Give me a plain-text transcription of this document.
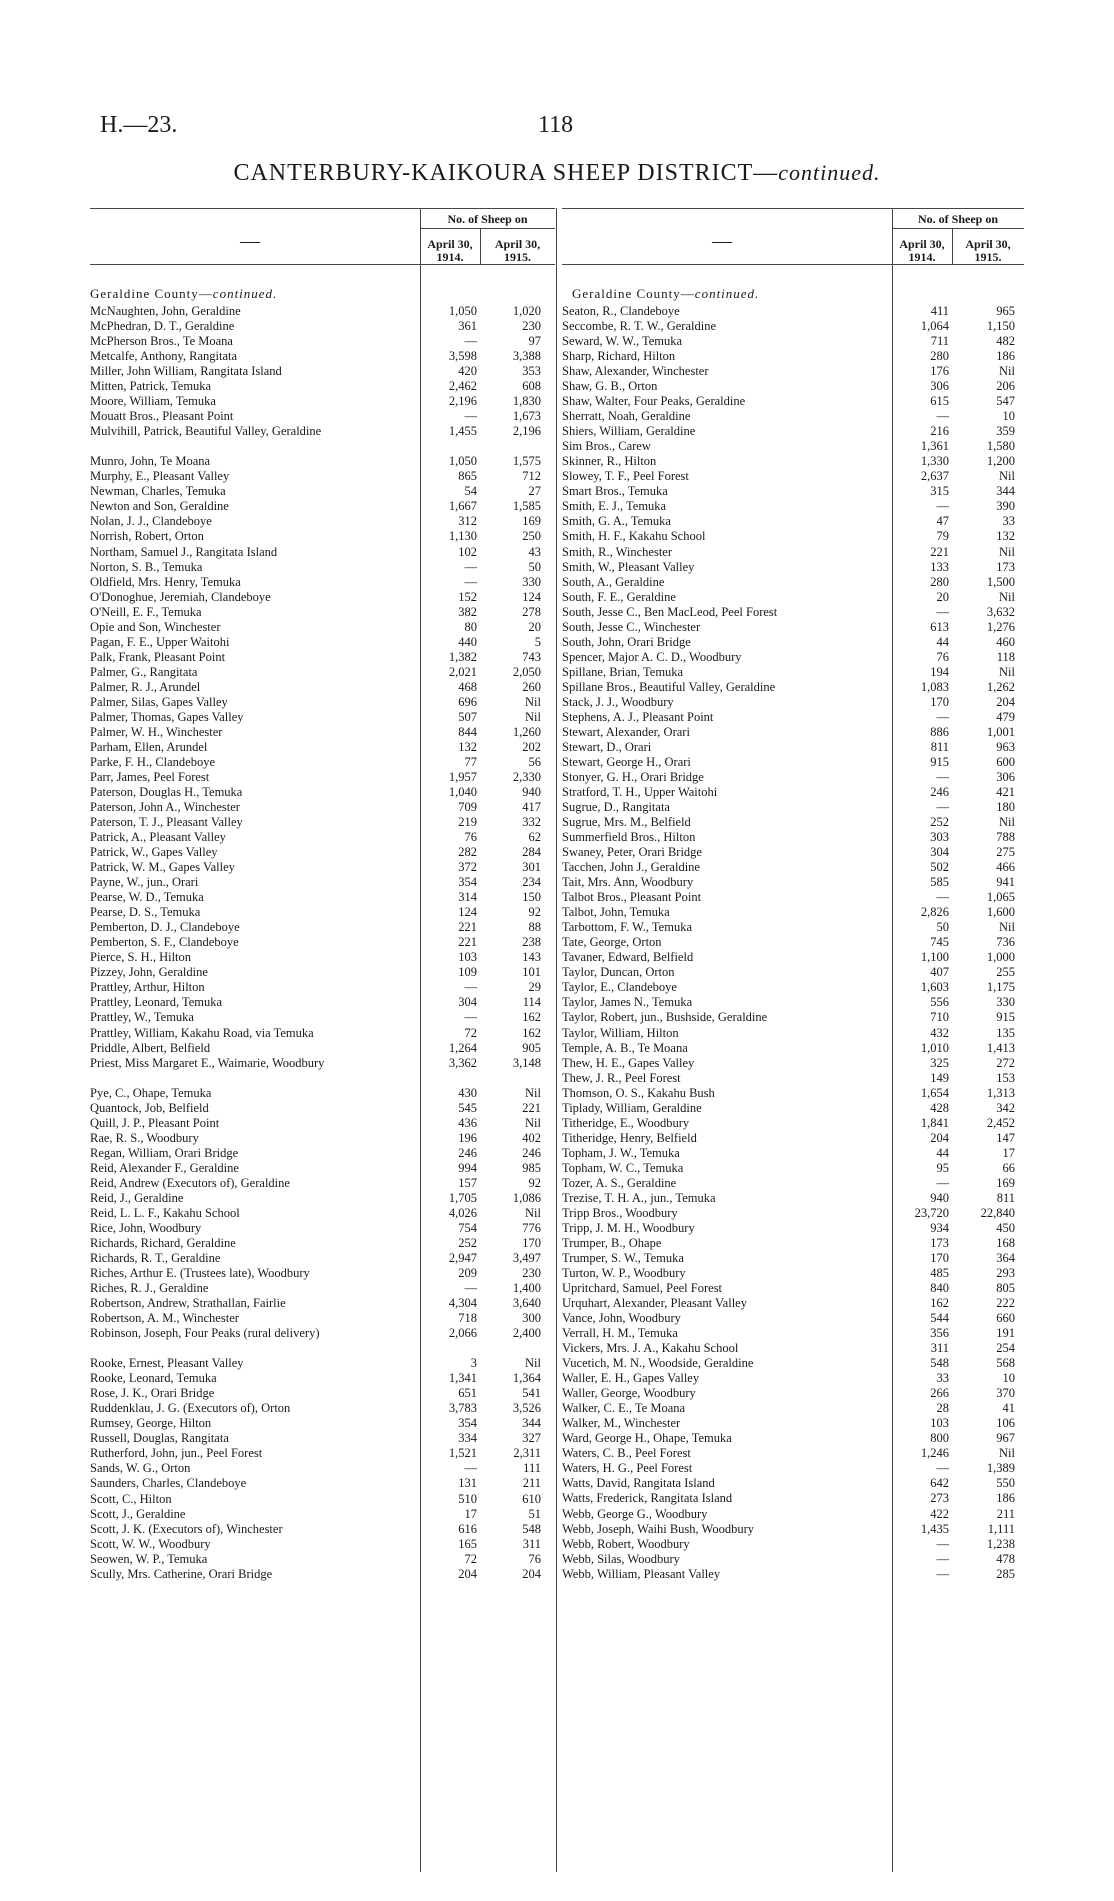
H.—23.	118
CANTERBURY-KAIKOURA SHEEP DISTRICT—continued.
—
No. of Sheep on
April 30,
1914.
April 30,
1915.
Geraldine County—continued.
McNaughten, John, Geraldine	1,050	1,020
McPhedran, D. T., Geraldine	361	230
McPherson Bros., Te Moana	—	97
Metcalfe, Anthony, Rangitata	3,598	3,388
Miller, John William, Rangitata Island	420	353
Mitten, Patrick, Temuka	2,462	608
Moore, William, Temuka	2,196	1,830
Mouatt Bros., Pleasant Point	—	1,673
Mulvihill, Patrick, Beautiful Valley, Geraldine	1,455	2,196
Munro, John, Te Moana	1,050	1,575
Murphy, E., Pleasant Valley	865	712
Newman, Charles, Temuka	54	27
Newton and Son, Geraldine	1,667	1,585
Nolan, J. J., Clandeboye	312	169
Norrish, Robert, Orton	1,130	250
Northam, Samuel J., Rangitata Island	102	43
Norton, S. B., Temuka	—	50
Oldfield, Mrs. Henry, Temuka	—	330
O'Donoghue, Jeremiah, Clandeboye	152	124
O'Neill, E. F., Temuka	382	278
Opie and Son, Winchester	80	20
Pagan, F. E., Upper Waitohi	440	5
Palk, Frank, Pleasant Point	1,382	743
Palmer, G., Rangitata	2,021	2,050
Palmer, R. J., Arundel	468	260
Palmer, Silas, Gapes Valley	696	Nil
Palmer, Thomas, Gapes Valley	507	Nil
Palmer, W. H., Winchester	844	1,260
Parham, Ellen, Arundel	132	202
Parke, F. H., Clandeboye	77	56
Parr, James, Peel Forest	1,957	2,330
Paterson, Douglas H., Temuka	1,040	940
Paterson, John A., Winchester	709	417
Paterson, T. J., Pleasant Valley	219	332
Patrick, A., Pleasant Valley	76	62
Patrick, W., Gapes Valley	282	284
Patrick, W. M., Gapes Valley	372	301
Payne, W., jun., Orari	354	234
Pearse, W. D., Temuka	314	150
Pearse, D. S., Temuka	124	92
Pemberton, D. J., Clandeboye	221	88
Pemberton, S. F., Clandeboye	221	238
Pierce, S. H., Hilton	103	143
Pizzey, John, Geraldine	109	101
Prattley, Arthur, Hilton	—	29
Prattley, Leonard, Temuka	304	114
Prattley, W., Temuka	—	162
Prattley, William, Kakahu Road, via Temuka	72	162
Priddle, Albert, Belfield	1,264	905
Priest, Miss Margaret E., Waimarie, Woodbury	3,362	3,148
Pye, C., Ohape, Temuka	430	Nil
Quantock, Job, Belfield	545	221
Quill, J. P., Pleasant Point	436	Nil
Rae, R. S., Woodbury	196	402
Regan, William, Orari Bridge	246	246
Reid, Alexander F., Geraldine	994	985
Reid, Andrew (Executors of), Geraldine	157	92
Reid, J., Geraldine	1,705	1,086
Reid, L. L. F., Kakahu School	4,026	Nil
Rice, John, Woodbury	754	776
Richards, Richard, Geraldine	252	170
Richards, R. T., Geraldine	2,947	3,497
Riches, Arthur E. (Trustees late), Woodbury	209	230
Riches, R. J., Geraldine	—	1,400
Robertson, Andrew, Strathallan, Fairlie	4,304	3,640
Robertson, A. M., Winchester	718	300
Robinson, Joseph, Four Peaks (rural delivery)	2,066	2,400
Rooke, Ernest, Pleasant Valley	3	Nil
Rooke, Leonard, Temuka	1,341	1,364
Rose, J. K., Orari Bridge	651	541
Ruddenklau, J. G. (Executors of), Orton	3,783	3,526
Rumsey, George, Hilton	354	344
Russell, Douglas, Rangitata	334	327
Rutherford, John, jun., Peel Forest	1,521	2,311
Sands, W. G., Orton	—	111
Saunders, Charles, Clandeboye	131	211
Scott, C., Hilton	510	610
Scott, J., Geraldine	17	51
Scott, J. K. (Executors of), Winchester	616	548
Scott, W. W., Woodbury	165	311
Seowen, W. P., Temuka	72	76
Scully, Mrs. Catherine, Orari Bridge	204	204
—
No. of Sheep on
April 30,
1914.
April 30,
1915.
Geraldine County—continued.
Seaton, R., Clandeboye	411	965
Seccombe, R. T. W., Geraldine	1,064	1,150
Seward, W. W., Temuka	711	482
Sharp, Richard, Hilton	280	186
Shaw, Alexander, Winchester	176	Nil
Shaw, G. B., Orton	306	206
Shaw, Walter, Four Peaks, Geraldine	615	547
Sherratt, Noah, Geraldine	—	10
Shiers, William, Geraldine	216	359
Sim Bros., Carew	1,361	1,580
Skinner, R., Hilton	1,330	1,200
Slowey, T. F., Peel Forest	2,637	Nil
Smart Bros., Temuka	315	344
Smith, E. J., Temuka	—	390
Smith, G. A., Temuka	47	33
Smith, H. F., Kakahu School	79	132
Smith, R., Winchester	221	Nil
Smith, W., Pleasant Valley	133	173
South, A., Geraldine	280	1,500
South, F. E., Geraldine	20	Nil
South, Jesse C., Ben MacLeod, Peel Forest	—	3,632
South, Jesse C., Winchester	613	1,276
South, John, Orari Bridge	44	460
Spencer, Major A. C. D., Woodbury	76	118
Spillane, Brian, Temuka	194	Nil
Spillane Bros., Beautiful Valley, Geraldine	1,083	1,262
Stack, J. J., Woodbury	170	204
Stephens, A. J., Pleasant Point	—	479
Stewart, Alexander, Orari	886	1,001
Stewart, D., Orari	811	963
Stewart, George H., Orari	915	600
Stonyer, G. H., Orari Bridge	—	306
Stratford, T. H., Upper Waitohi	246	421
Sugrue, D., Rangitata	—	180
Sugrue, Mrs. M., Belfield	252	Nil
Summerfield Bros., Hilton	303	788
Swaney, Peter, Orari Bridge	304	275
Tacchen, John J., Geraldine	502	466
Tait, Mrs. Ann, Woodbury	585	941
Talbot Bros., Pleasant Point	—	1,065
Talbot, John, Temuka	2,826	1,600
Tarbottom, F. W., Temuka	50	Nil
Tate, George, Orton	745	736
Tavaner, Edward, Belfield	1,100	1,000
Taylor, Duncan, Orton	407	255
Taylor, E., Clandeboye	1,603	1,175
Taylor, James N., Temuka	556	330
Taylor, Robert, jun., Bushside, Geraldine	710	915
Taylor, William, Hilton	432	135
Temple, A. B., Te Moana	1,010	1,413
Thew, H. E., Gapes Valley	325	272
Thew, J. R., Peel Forest	149	153
Thomson, O. S., Kakahu Bush	1,654	1,313
Tiplady, William, Geraldine	428	342
Titheridge, E., Woodbury	1,841	2,452
Titheridge, Henry, Belfield	204	147
Topham, J. W., Temuka	44	17
Topham, W. C., Temuka	95	66
Tozer, A. S., Geraldine	—	169
Trezise, T. H. A., jun., Temuka	940	811
Tripp Bros., Woodbury	23,720	22,840
Tripp, J. M. H., Woodbury	934	450
Trumper, B., Ohape	173	168
Trumper, S. W., Temuka	170	364
Turton, W. P., Woodbury	485	293
Upritchard, Samuel, Peel Forest	840	805
Urquhart, Alexander, Pleasant Valley	162	222
Vance, John, Woodbury	544	660
Verrall, H. M., Temuka	356	191
Vickers, Mrs. J. A., Kakahu School	311	254
Vucetich, M. N., Woodside, Geraldine	548	568
Waller, E. H., Gapes Valley	33	10
Waller, George, Woodbury	266	370
Walker, C. E., Te Moana	28	41
Walker, M., Winchester	103	106
Ward, George H., Ohape, Temuka	800	967
Waters, C. B., Peel Forest	1,246	Nil
Waters, H. G., Peel Forest	—	1,389
Watts, David, Rangitata Island	642	550
Watts, Frederick, Rangitata Island	273	186
Webb, George G., Woodbury	422	211
Webb, Joseph, Waihi Bush, Woodbury	1,435	1,111
Webb, Robert, Woodbury	—	1,238
Webb, Silas, Woodbury	—	478
Webb, William, Pleasant Valley	—	285
